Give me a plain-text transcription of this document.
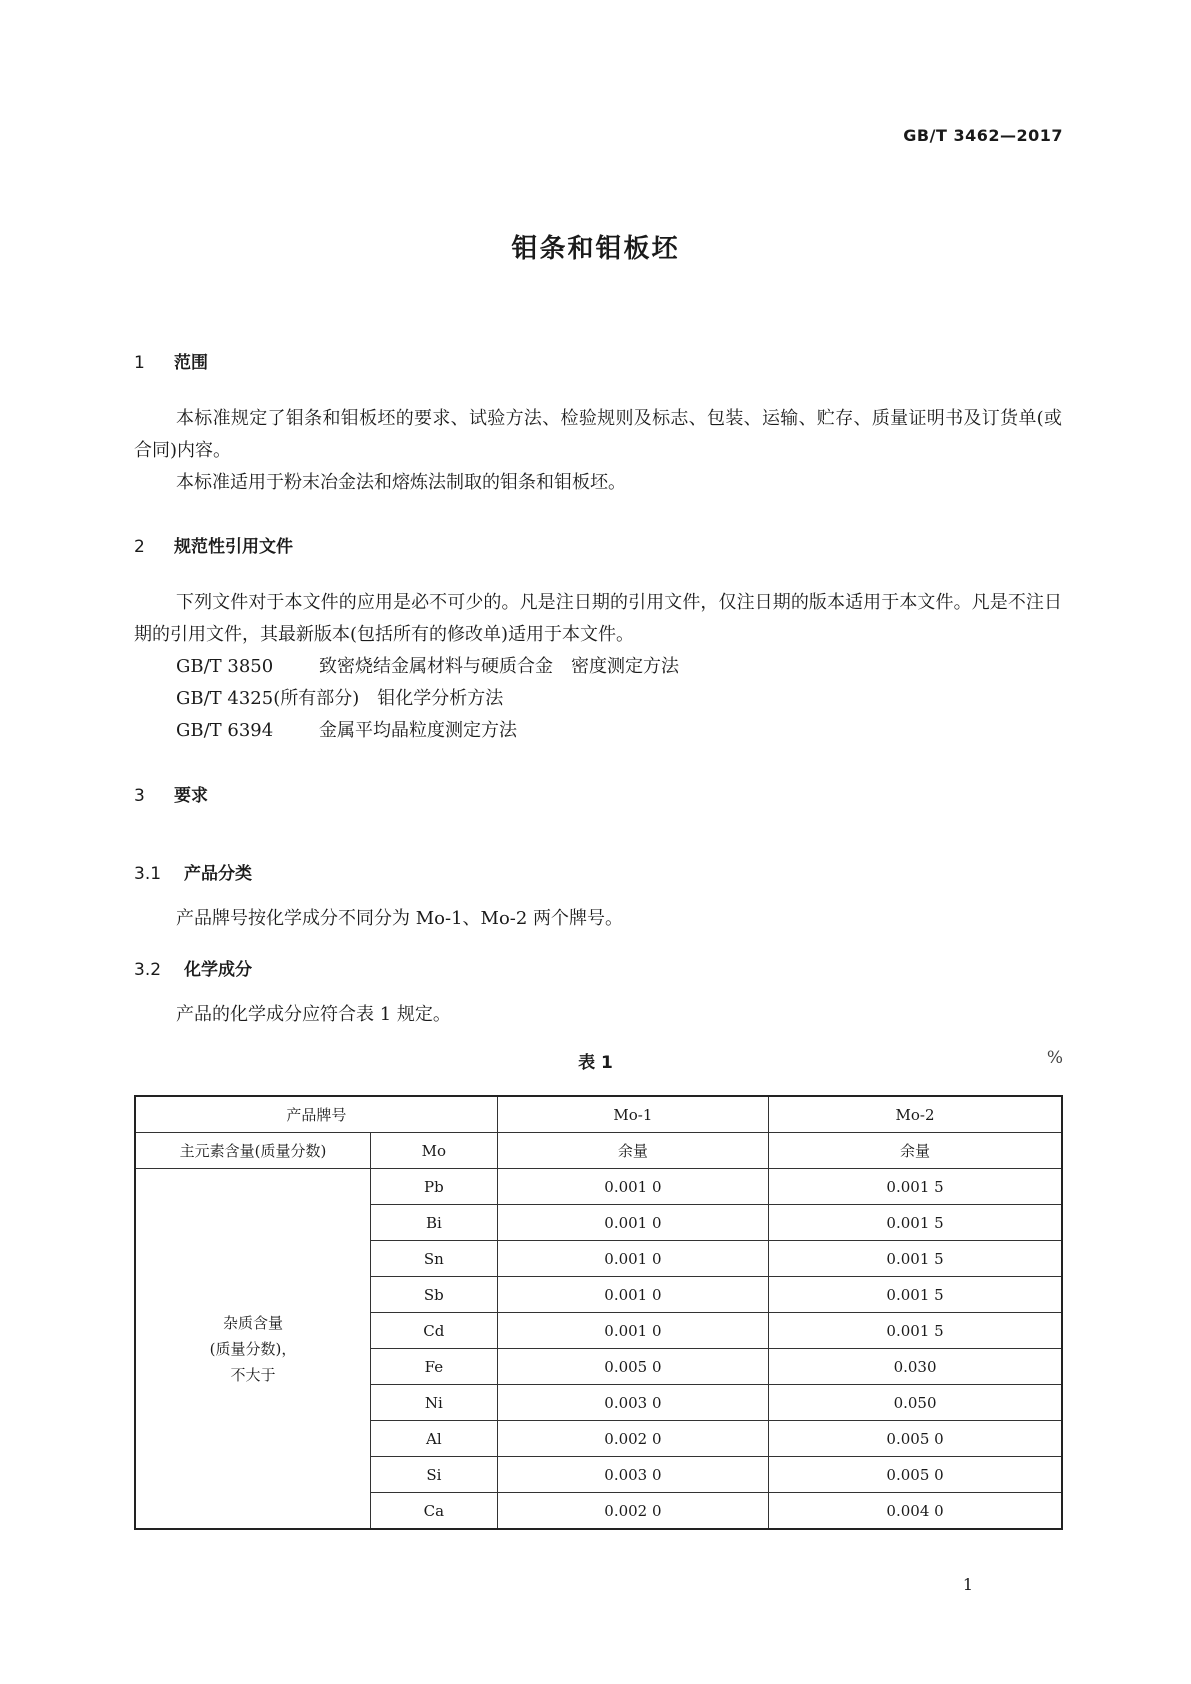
GB/T 3462—2017
钼条和钼板坯
1 范围
本标准规定了钼条和钼板坯的要求、试验方法、检验规则及标志、包装、运输、贮存、质量证明书及订货单(或合同)内容。
本标准适用于粉末冶金法和熔炼法制取的钼条和钼板坯。
2 规范性引用文件
下列文件对于本文件的应用是必不可少的。凡是注日期的引用文件，仅注日期的版本适用于本文件。凡是不注日期的引用文件，其最新版本(包括所有的修改单)适用于本文件。
GB/T 3850　	致密烧结金属材料与硬质合金　密度测定方法
GB/T 4325(所有部分)　 钼化学分析方法
GB/T 6394　	金属平均晶粒度测定方法
3 要求
3.1 产品分类
产品牌号按化学成分不同分为 Mo-1、Mo-2 两个牌号。
3.2 化学成分
产品的化学成分应符合表 1 规定。
表 1	%
产品牌号		Mo-1	Mo-2
主元素含量(质量分数)	Mo	余量	余量

杂质含量
(质量分数)，
不大于	Pb	0.001 0	0.001 5
	Bi	0.001 0	0.001 5
	Sn	0.001 0	0.001 5
	Sb	0.001 0	0.001 5
	Cd	0.001 0	0.001 5
	Fe	0.005 0	0.030
	Ni	0.003 0	0.050
	Al	0.002 0	0.005 0
	Si	0.003 0	0.005 0
	Ca	0.002 0	0.004 0
1
